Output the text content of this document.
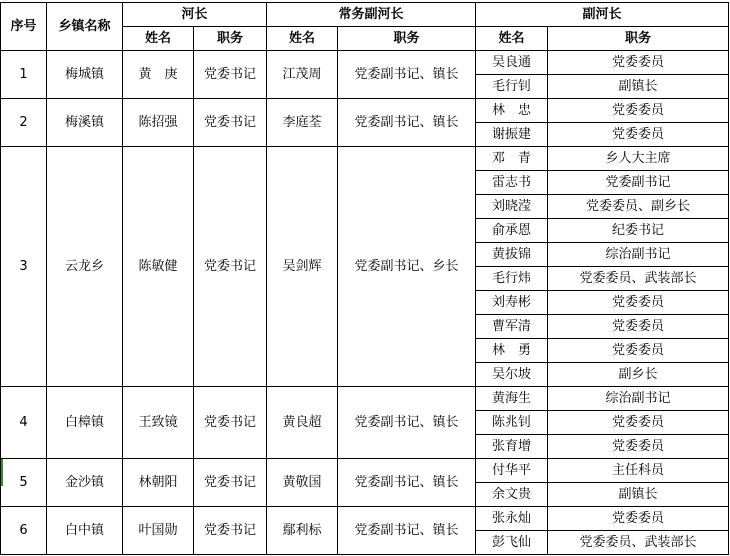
序号	乡镇名称	河长		常务副河长		副河长	
		姓名	职务	姓名	职务	姓名	职务
1	梅城镇	黄　庚	党委书记	江茂周	党委副书记、镇长	吴良通	党委委员
						毛行钊	副镇长
2	梅溪镇	陈招强	党委书记	李庭荃	党委副书记、镇长	林　忠	党委委员
						谢振建	党委委员
3	云龙乡	陈敏健	党委书记	吴剑辉	党委副书记、乡长	邓　青	乡人大主席
						雷志书	党委副书记
						刘晓滢	党委委员、副乡长
						俞承恩	纪委书记
						黄拔锦	综治副书记
						毛行炜	党委委员、武装部长
						刘寿彬	党委委员
						曹军清	党委委员
						林　勇	党委委员
						吴尔坡	副乡长
4	白樟镇	王致镜	党委书记	黄良超	党委副书记、镇长	黄海生	综治副书记
						陈兆钊	党委委员
						张育增	党委委员
5	金沙镇	林朝阳	党委书记	黄敬国	党委副书记、镇长	付华平	主任科员
						余文贵	副镇长
6	白中镇	叶国勋	党委书记	鄢利标	党委副书记、镇长	张永灿	党委委员
						彭飞仙	党委委员、武装部长
